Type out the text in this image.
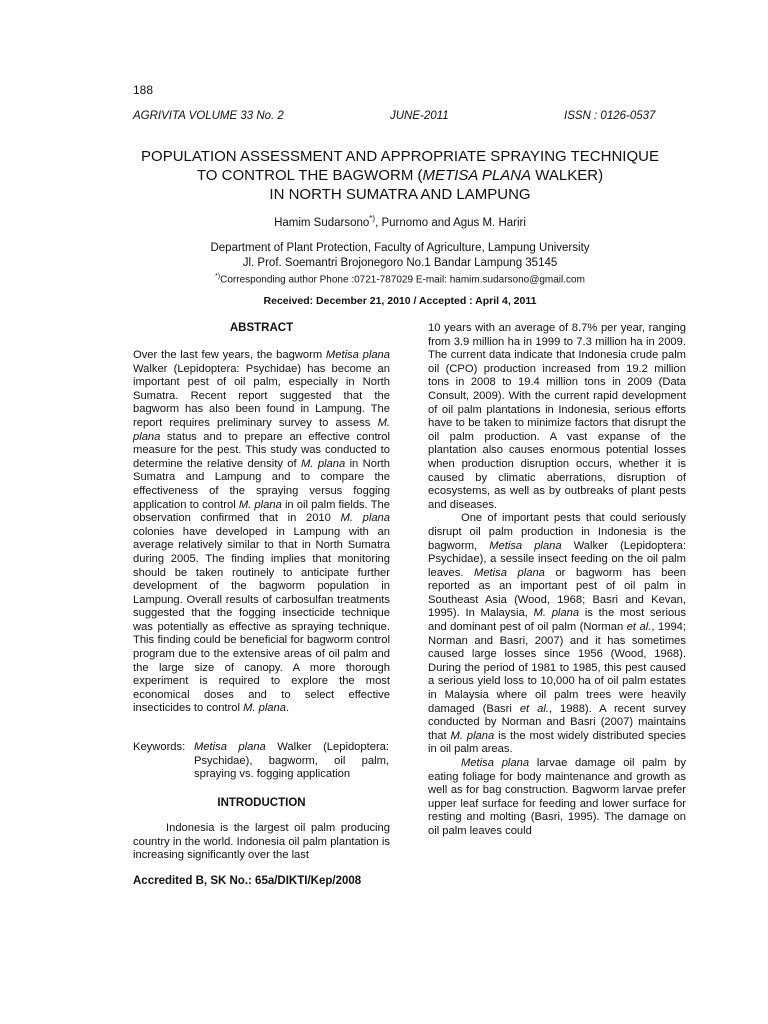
188
AGRIVITA VOLUME 33 No. 2	JUNE-2011	ISSN : 0126-0537
POPULATION ASSESSMENT AND APPROPRIATE SPRAYING TECHNIQUE
TO CONTROL THE BAGWORM (METISA PLANA WALKER)
IN NORTH SUMATRA AND LAMPUNG
Hamim Sudarsono*), Purnomo and Agus M. Hariri
Department of Plant Protection, Faculty of Agriculture, Lampung University
Jl. Prof. Soemantri Brojonegoro No.1 Bandar Lampung 35145
*)Corresponding author Phone :0721-787029 E-mail: hamim.sudarsono@gmail.com
Received: December 21, 2010 / Accepted : April 4, 2011
ABSTRACT

Over the last few years, the bagworm Metisa plana Walker (Lepidoptera: Psychidae) has become an important pest of oil palm, especially in North Sumatra. Recent report suggested that the bagworm has also been found in Lampung. The report requires preliminary survey to assess M. plana status and to prepare an effective control measure for the pest. This study was conducted to determine the relative density of M. plana in North Sumatra and Lampung and to compare the effectiveness of the spraying versus fogging application to control M. plana in oil palm fields. The observation confirmed that in 2010 M. plana colonies have developed in Lampung with an average relatively similar to that in North Sumatra during 2005. The finding implies that monitoring should be taken routinely to anticipate further development of the bagworm population in Lampung. Overall results of carbosulfan treatments suggested that the fogging insecticide technique was potentially as effective as spraying technique. This finding could be beneficial for bagworm control program due to the extensive areas of oil palm and the large size of canopy. A more thorough experiment is required to explore the most economical doses and to select effective insecticides to control M. plana.

Keywords: Metisa plana Walker (Lepidoptera: Psychidae), bagworm, oil palm, spraying vs. fogging application
INTRODUCTION

Indonesia is the largest oil palm producing country in the world. Indonesia oil palm plantation is increasing significantly over the last

10 years with an average of 8.7% per year, ranging from 3.9 million ha in 1999 to 7.3 million ha in 2009. The current data indicate that Indonesia crude palm oil (CPO) production increased from 19.2 million tons in 2008 to 19.4 million tons in 2009 (Data Consult, 2009). With the current rapid development of oil palm plantations in Indonesia, serious efforts have to be taken to minimize factors that disrupt the oil palm production. A vast expanse of the plantation also causes enormous potential losses when production disruption occurs, whether it is caused by climatic aberrations, disruption of ecosystems, as well as by outbreaks of plant pests and diseases.

One of important pests that could seriously disrupt oil palm production in Indonesia is the bagworm, Metisa plana Walker (Lepidoptera: Psychidae), a sessile insect feeding on the oil palm leaves. Metisa plana or bagworm has been reported as an important pest of oil palm in Southeast Asia (Wood, 1968; Basri and Kevan, 1995). In Malaysia, M. plana is the most serious and dominant pest of oil palm (Norman et al., 1994; Norman and Basri, 2007) and it has sometimes caused large losses since 1956 (Wood, 1968). During the period of 1981 to 1985, this pest caused a serious yield loss to 10,000 ha of oil palm estates in Malaysia where oil palm trees were heavily damaged (Basri et al., 1988). A recent survey conducted by Norman and Basri (2007) maintains that M. plana is the most widely distributed species in oil palm areas.

Metisa plana larvae damage oil palm by eating foliage for body maintenance and growth as well as for bag construction. Bagworm larvae prefer upper leaf surface for feeding and lower surface for resting and molting (Basri, 1995). The damage on oil palm leaves could

Accredited B, SK No.: 65a/DIKTI/Kep/2008
